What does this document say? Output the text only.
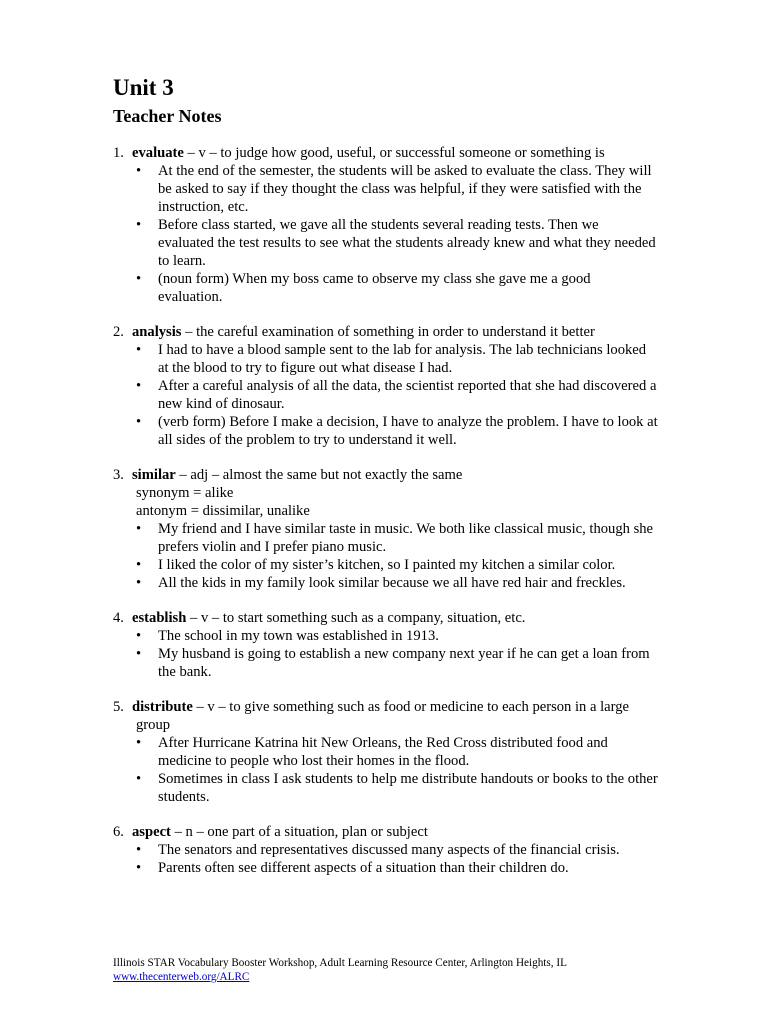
Unit 3
Teacher Notes
1. evaluate – v – to judge how good, useful, or successful someone or something is
• At the end of the semester, the students will be asked to evaluate the class. They will be asked to say if they thought the class was helpful, if they were satisfied with the instruction, etc.
• Before class started, we gave all the students several reading tests. Then we evaluated the test results to see what the students already knew and what they needed to learn.
• (noun form) When my boss came to observe my class she gave me a good evaluation.
2. analysis – the careful examination of something in order to understand it better
• I had to have a blood sample sent to the lab for analysis. The lab technicians looked at the blood to try to figure out what disease I had.
• After a careful analysis of all the data, the scientist reported that she had discovered a new kind of dinosaur.
• (verb form) Before I make a decision, I have to analyze the problem. I have to look at all sides of the problem to try to understand it well.
3. similar – adj – almost the same but not exactly the same
synonym = alike
antonym = dissimilar, unalike
• My friend and I have similar taste in music. We both like classical music, though she prefers violin and I prefer piano music.
• I liked the color of my sister’s kitchen, so I painted my kitchen a similar color.
• All the kids in my family look similar because we all have red hair and freckles.
4. establish – v – to start something such as a company, situation, etc.
• The school in my town was established in 1913.
• My husband is going to establish a new company next year if he can get a loan from the bank.
5. distribute – v – to give something such as food or medicine to each person in a large
group
• After Hurricane Katrina hit New Orleans, the Red Cross distributed food and medicine to people who lost their homes in the flood.
• Sometimes in class I ask students to help me distribute handouts or books to the other students.
6. aspect – n – one part of a situation, plan or subject
• The senators and representatives discussed many aspects of the financial crisis.
• Parents often see different aspects of a situation than their children do.
Illinois STAR Vocabulary Booster Workshop, Adult Learning Resource Center, Arlington Heights, IL
www.thecenterweb.org/ALRC
